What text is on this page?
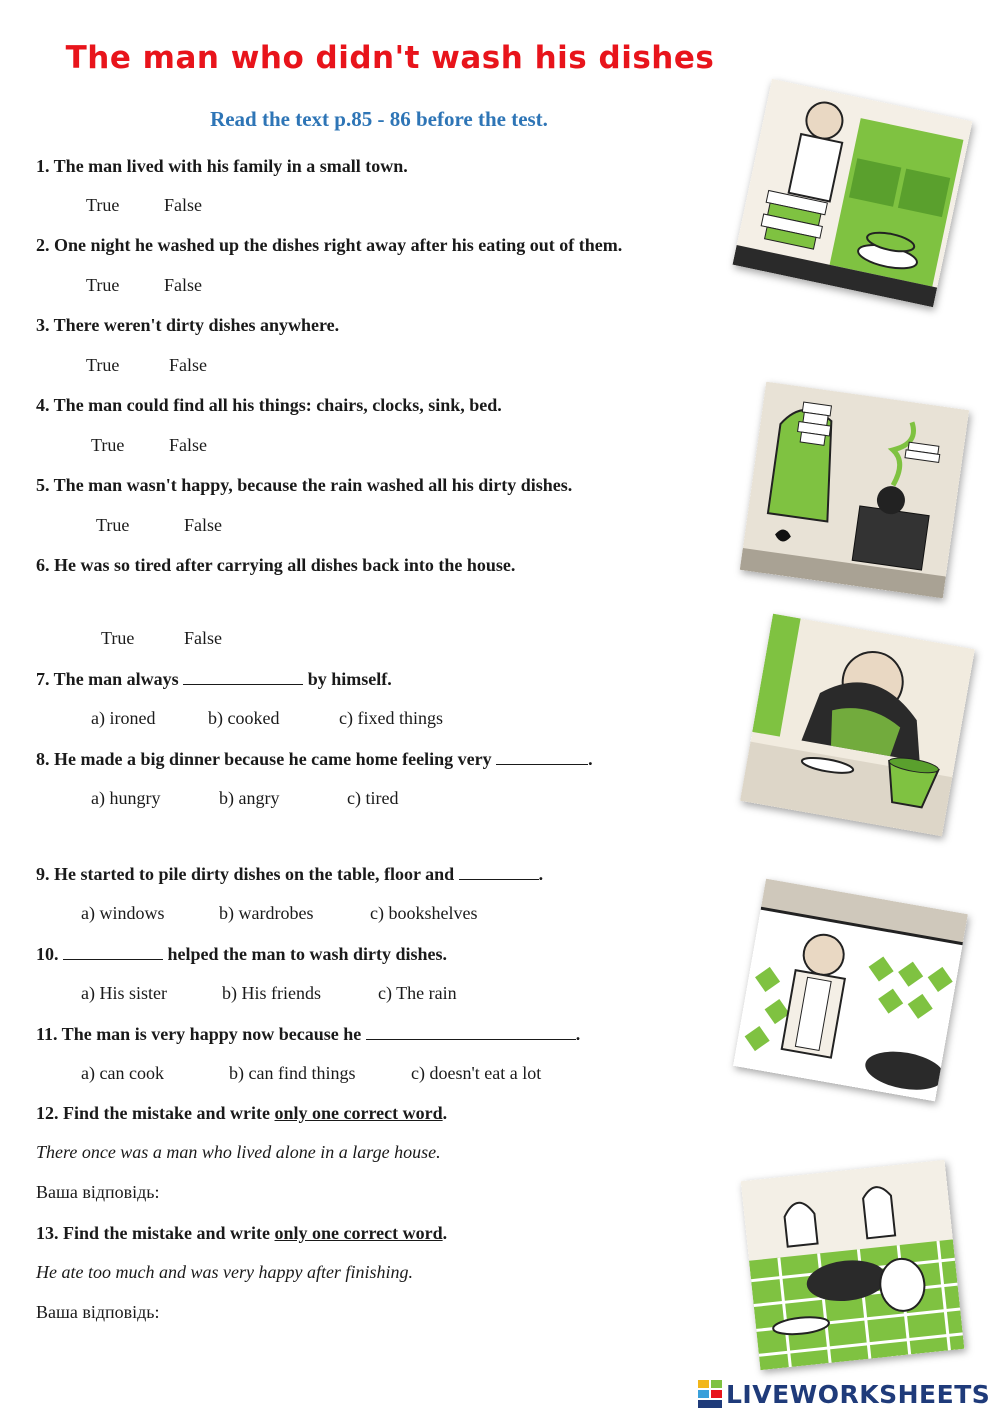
The man who didn't wash his dishes
Read the text p.85 - 86 before the test.
1. The man lived with his family in a small town.
True False
2. One night he washed up the dishes right away after his eating out of them.
True False
3. There weren't dirty dishes anywhere.
True	False
4. The man could find all his things: chairs, clocks, sink, bed.
True False
5. The man wasn't happy, because the rain washed all his dirty dishes.
True	False
6. He was so tired after carrying all dishes back into the house.
True	False
7. The man always	by himself.
a) ironed	b) cooked	c) fixed things
8. He made a big dinner because he came home feeling very	.
a) hungry	b) angry	c) tired
9. He started to pile dirty dishes on the table, floor and	.
a) windows	b) wardrobes	c) bookshelves
10.	helped the man to wash dirty dishes.
a) His sister	b) His friends	c) The rain
11. The man is very happy now because he	.
a) can cook	b) can find things	c) doesn't eat a lot
12. Find the mistake and write only one correct word.
There once was a man who lived alone in a large house.
Ваша відповідь:
13. Find the mistake and write only one correct word.
He ate too much and was very happy after finishing.
Ваша відповідь:
LIVEWORKSHEETS
